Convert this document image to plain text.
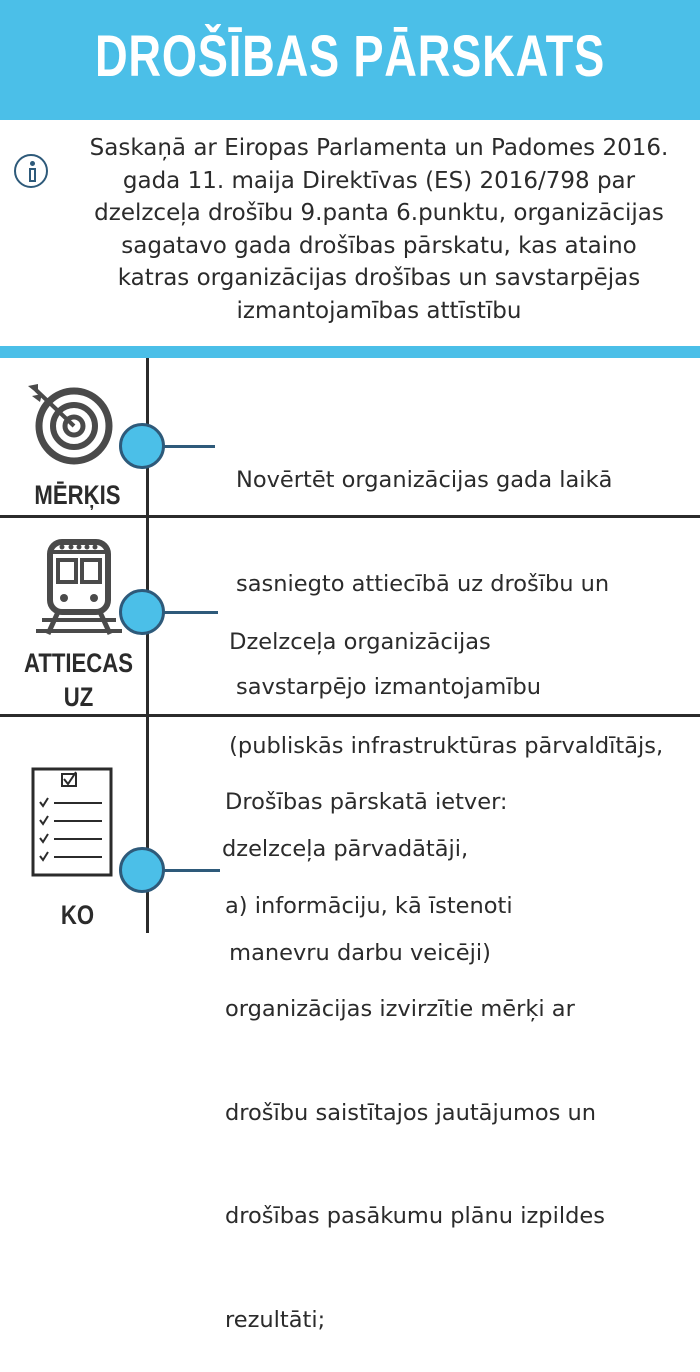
DROŠĪBAS PĀRSKATS
Saskaņā ar Eiropas Parlamenta un Padomes 2016.
gada 11. maija Direktīvas (ES) 2016/798 par
dzelzceļa drošību 9.panta 6.punktu, organizācijas
sagatavo gada drošības pārskatu, kas ataino
katras organizācijas drošības un savstarpējas
izmantojamības attīstību
MĒRĶIS

	Novērtēt organizācijas gada laikā

sasniegto attiecībā uz drošību un

savstarpējo izmantojamību

ATTIECAS
UZ

Dzelzceļa organizācijas

(publiskās infrastruktūras pārvaldītājs,

dzelzceļa pārvadātāji,

manevru darbu veicēji)

KO

Drošības pārskatā ietver:

a) informāciju, kā īstenoti

organizācijas izvirzītie mērķi ar

drošību saistītajos jautājumos un

drošības pasākumu plānu izpildes

rezultāti;
